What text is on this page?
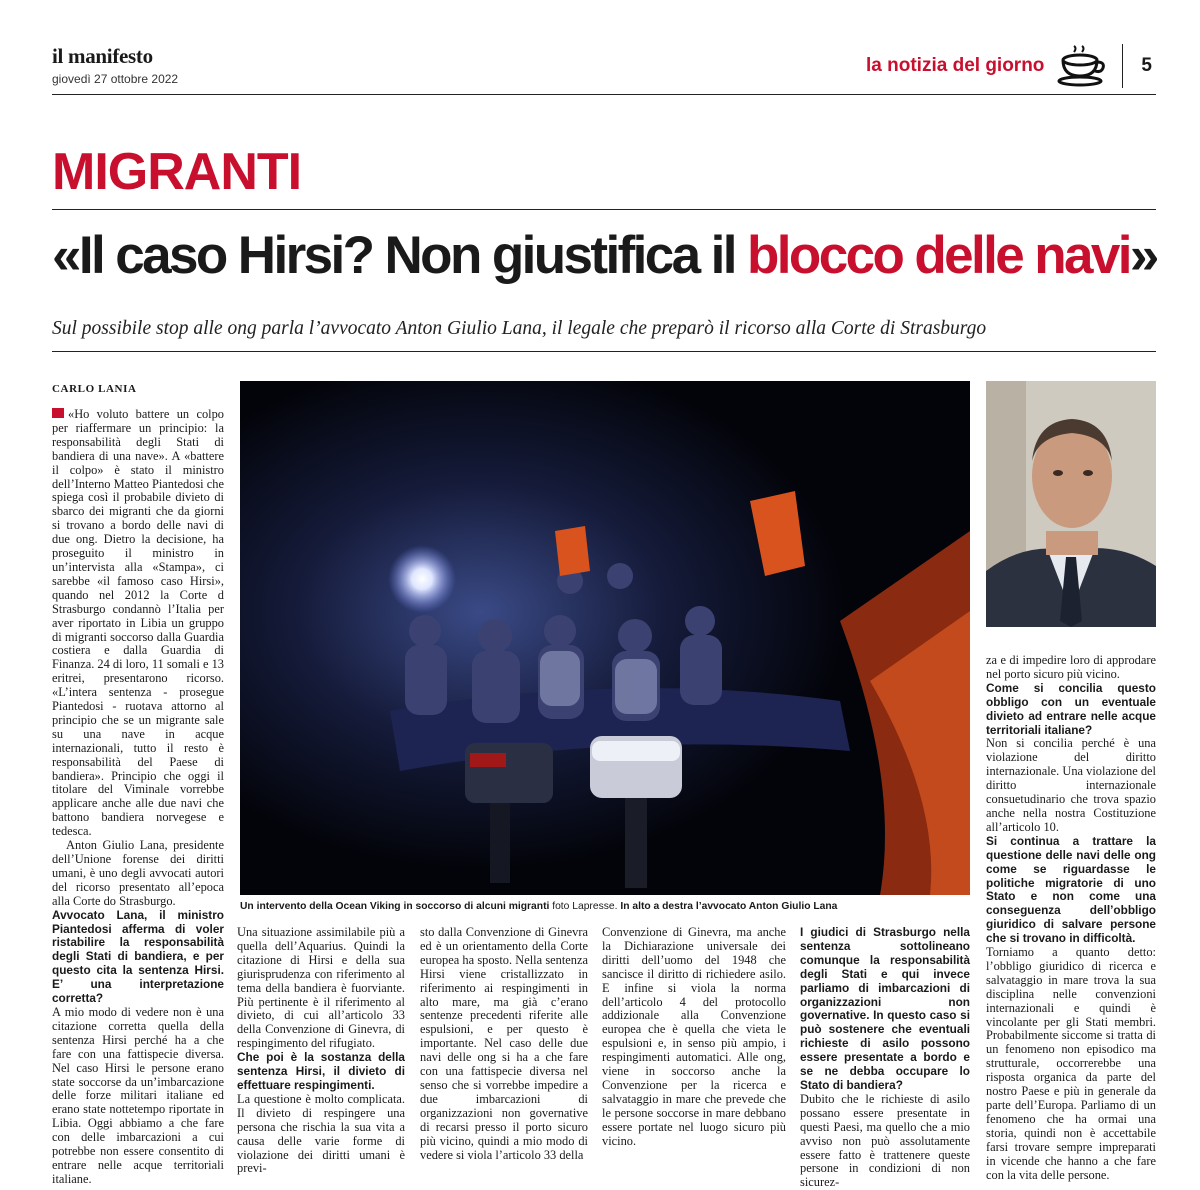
il manifesto
giovedì 27 ottobre 2022
la notizia del giorno	5
MIGRANTI
«Il caso Hirsi? Non giustifica il blocco delle navi»
Sul possibile stop alle ong parla l’avvocato Anton Giulio Lana, il legale che preparò il ricorso alla Corte di Strasburgo
CARLO LANIA
Un intervento della Ocean Viking in soccorso di alcuni migranti foto Lapresse. In alto a destra l’avvocato Anton Giulio Lana

«Ho voluto battere un colpo per riaffermare un principio: la responsabilità degli Stati di bandiera di una nave». A «battere il colpo» è stato il ministro dell’Interno Matteo Piantedosi che spiega così il probabile divieto di sbarco dei migranti che da giorni si trovano a bordo delle navi di due ong. Dietro la decisione, ha proseguito il ministro in un’intervista alla «Stampa», ci sarebbe «il famoso caso Hirsi», quando nel 2012 la Corte d Strasburgo condannò l’Italia per aver riportato in Libia un gruppo di migranti soccorso dalla Guardia costiera e dalla Guardia di Finanza. 24 di loro, 11 somali e 13 eritrei, presentarono ricorso. «L’intera sentenza - prosegue Piantedosi - ruotava attorno al principio che se un migrante sale su una nave in acque internazionali, tutto il resto è responsabilità del Paese di bandiera». Principio che oggi il titolare del Viminale vorrebbe applicare anche alle due navi che battono bandiera norvegese e tedesca.

Anton Giulio Lana, presidente dell’Unione forense dei diritti umani, è uno degli avvocati autori del ricorso presentato all’epoca alla Corte do Strasburgo.

Avvocato Lana, il ministro Piantedosi afferma di voler ristabilire la responsabilità degli Stati di bandiera, e per questo cita la sentenza Hirsi. E’ una interpretazione corretta?

A mio modo di vedere non è una citazione corretta quella della sentenza Hirsi perché ha a che fare con una fattispecie diversa. Nel caso Hirsi le persone erano state soccorse da un’imbarcazione delle forze militari italiane ed erano state nottetempo riportate in Libia. Oggi abbiamo a che fare con delle imbarcazioni a cui potrebbe non essere consentito di entrare nelle acque territoriali italiane.

Una situazione assimilabile più a quella dell’Aquarius. Quindi la citazione di Hirsi e della sua giurisprudenza con riferimento al tema della bandiera è fuorviante. Più pertinente è il riferimento al divieto, di cui all’articolo 33 della Convenzione di Ginevra, di respingimento del rifugiato.

Che poi è la sostanza della sentenza Hirsi, il divieto di effettuare respingimenti.

La questione è molto complicata. Il divieto di respingere una persona che rischia la sua vita a causa delle varie forme di violazione dei diritti umani è previ-

sto dalla Convenzione di Ginevra ed è un orientamento della Corte europea ha sposto. Nella sentenza Hirsi viene cristallizzato in riferimento ai respingimenti in alto mare, ma già c’erano sentenze precedenti riferite alle espulsioni, e per questo è importante. Nel caso delle due navi delle ong si ha a che fare con una fattispecie diversa nel senso che si vorrebbe impedire a due imbarcazioni di organizzazioni non governative di recarsi presso il porto sicuro più vicino, quindi a mio modo di vedere si viola l’articolo 33 della

Convenzione di Ginevra, ma anche la Dichiarazione universale dei diritti dell’uomo del 1948 che sancisce il diritto di richiedere asilo. E infine si viola la norma dell’articolo 4 del protocollo addizionale alla Convenzione europea che è quella che vieta le espulsioni e, in senso più ampio, i respingimenti automatici. Alle ong, viene in soccorso anche la Convenzione per la ricerca e salvataggio in mare che prevede che le persone soccorse in mare debbano essere portate nel luogo sicuro più vicino.

I giudici di Strasburgo nella sentenza sottolineano comunque la responsabilità degli Stati e qui invece parliamo di imbarcazioni di organizzazioni non governative. In questo caso si può sostenere che eventuali richieste di asilo possono essere presentate a bordo e se ne debba occupare lo Stato di bandiera?

Dubito che le richieste di asilo possano essere presentate in questi Paesi, ma quello che a mio avviso non può assolutamente essere fatto è trattenere queste persone in condizioni di non sicurez-

za e di impedire loro di approdare nel porto sicuro più vicino.

Come si concilia questo obbligo con un eventuale divieto ad entrare nelle acque territoriali italiane?

Non si concilia perché è una violazione del diritto internazionale. Una violazione del diritto internazionale consuetudinario che trova spazio anche nella nostra Costituzione all’articolo 10.

Si continua a trattare la questione delle navi delle ong come se riguardasse le politiche migratorie di uno Stato e non come una conseguenza dell’obbligo giuridico di salvare persone che si trovano in difficoltà.

Torniamo a quanto detto: l’obbligo giuridico di ricerca e salvataggio in mare trova la sua disciplina nelle convenzioni internazionali e quindi è vincolante per gli Stati membri. Probabilmente siccome si tratta di un fenomeno non episodico ma strutturale, occorrerebbe una risposta organica da parte del nostro Paese e più in generale da parte dell’Europa. Parliamo di un fenomeno che ha ormai una storia, quindi non è accettabile farsi trovare sempre impreparati in vicende che hanno a che fare con la vita delle persone.
